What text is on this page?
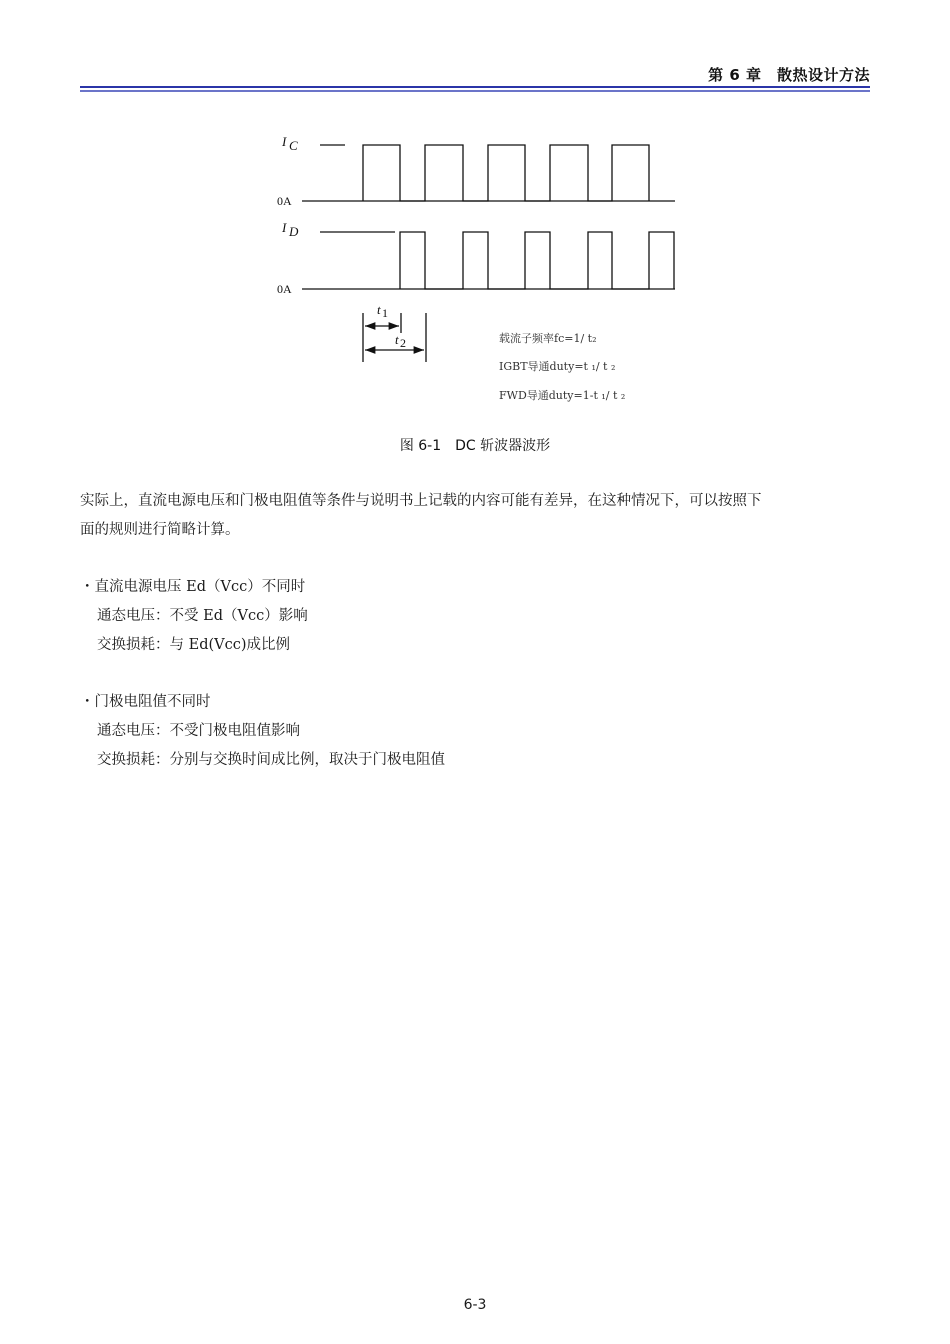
第 6 章　散热设计方法
I C
0A
I D
0A
t 1
t 2	载流子频率fc=1/ t₂
IGBT导通duty=t ₁/ t ₂
FWD导通duty=1-t ₁/ t ₂
图 6-1　DC 斩波器波形
实际上，直流电源电压和门极电阻值等条件与说明书上记载的内容可能有差异，在这种情况下，可以按照下
面的规则进行简略计算。
・直流电源电压 Ed（Vcc）不同时
通态电压：不受 Ed（Vcc）影响
交换损耗：与 Ed(Vcc)成比例
・门极电阻值不同时
通态电压：不受门极电阻值影响
交换损耗：分别与交换时间成比例，取决于门极电阻值
6-3
